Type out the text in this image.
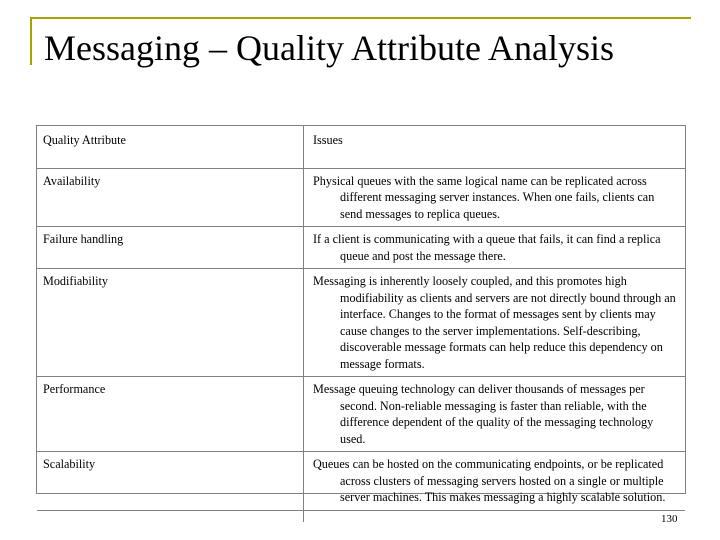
Messaging – Quality Attribute Analysis
Quality Attribute	Issues
Availability	Physical queues with the same logical name can be replicated across different messaging server instances. When one fails, clients can send messages to replica queues.

Failure handling	If a client is communicating with a queue that fails, it can find a replica queue and post the message there.

Modifiability	Messaging is inherently loosely coupled, and this promotes high modifiability as clients and servers are not directly bound through an interface. Changes to the format of messages sent by clients may cause changes to the server implementations. Self-describing, discoverable message formats can help reduce this dependency on message formats.

Performance	Message queuing technology can deliver thousands of messages per second. Non-reliable messaging is faster than reliable, with the difference dependent of the quality of the messaging technology used.

Scalability	Queues can be hosted on the communicating endpoints, or be replicated across clusters of messaging servers hosted on a single or multiple server machines. This makes messaging a highly scalable solution.

130
